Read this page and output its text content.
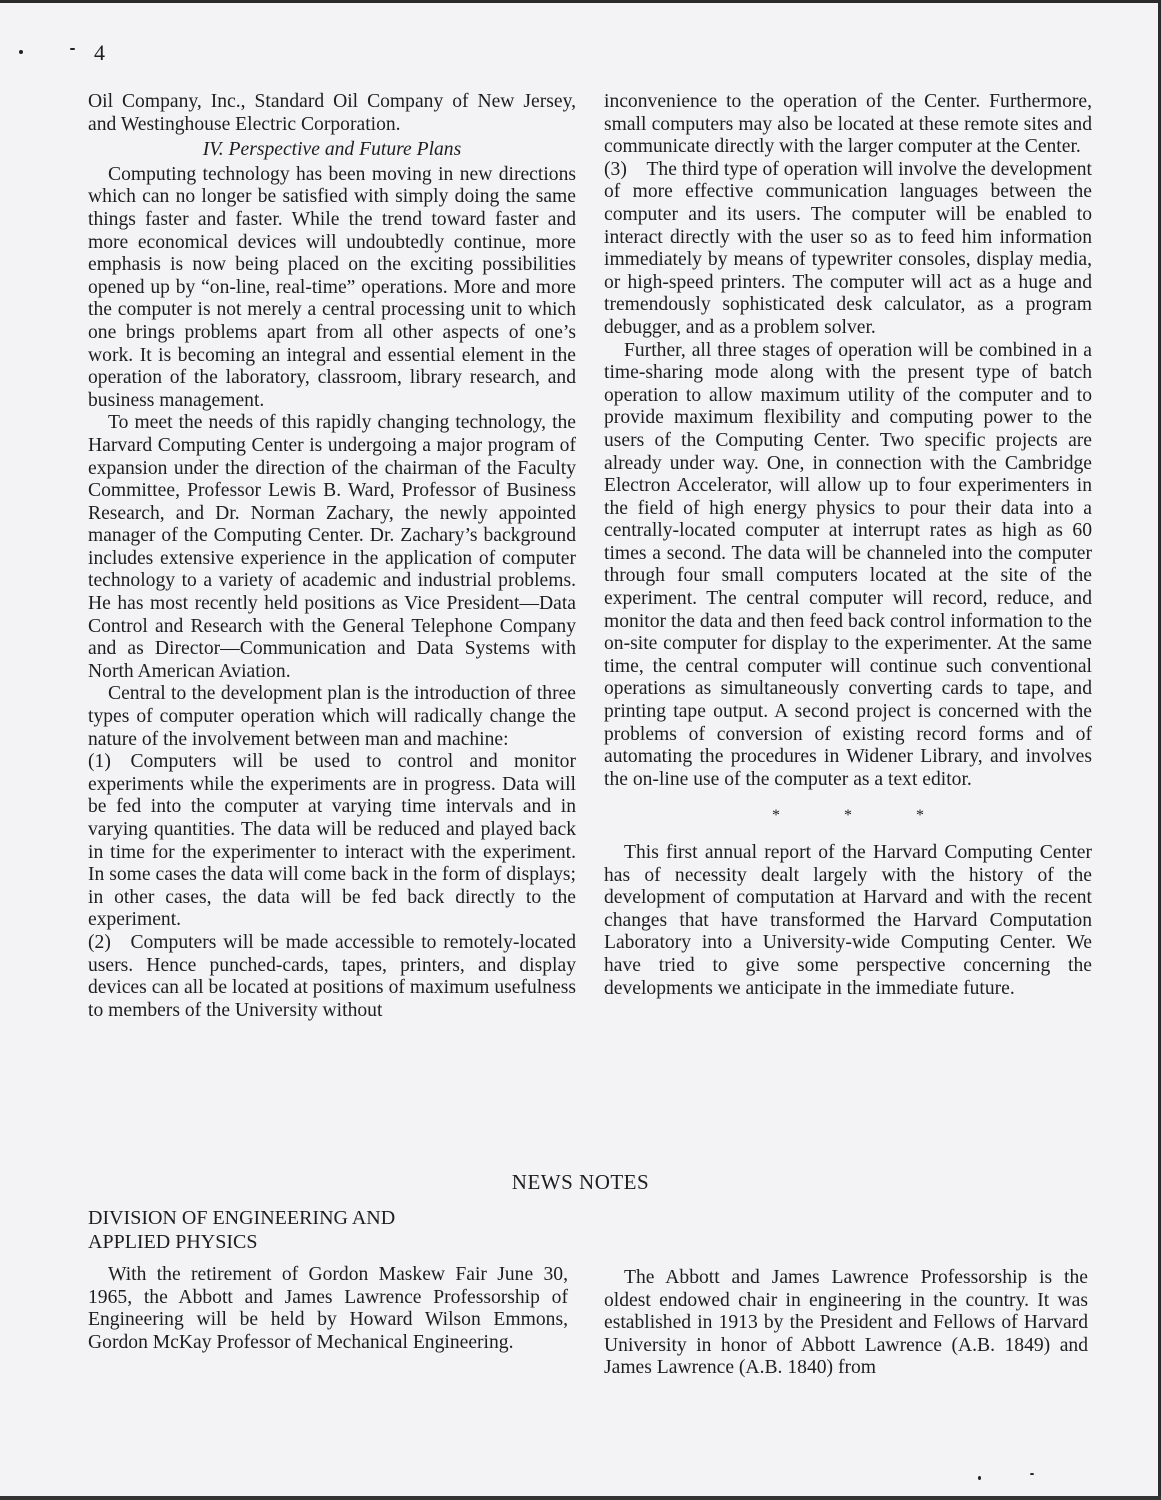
4

Oil Company, Inc., Standard Oil Company of New Jersey, and Westinghouse Electric Corporation.

IV. Perspective and Future Plans

Computing technology has been moving in new directions which can no longer be satisfied with simply doing the same things faster and faster. While the trend toward faster and more economical devices will undoubtedly continue, more emphasis is now being placed on the exciting possibilities opened up by “on-line, real-time” operations. More and more the computer is not merely a central processing unit to which one brings problems apart from all other aspects of one’s work. It is becoming an integral and essential element in the operation of the laboratory, classroom, library research, and business management.

To meet the needs of this rapidly changing technology, the Harvard Computing Center is undergoing a major program of expansion under the direction of the chairman of the Faculty Committee, Professor Lewis B. Ward, Professor of Business Research, and Dr. Norman Zachary, the newly appointed manager of the Computing Center. Dr. Zachary’s background includes extensive experience in the application of computer technology to a variety of academic and industrial problems. He has most recently held positions as Vice President—Data Control and Research with the General Telephone Company and as Director—Communication and Data Systems with North American Aviation.

Central to the development plan is the introduction of three types of computer operation which will radically change the nature of the involvement between man and machine:

(1) Computers will be used to control and monitor experiments while the experiments are in progress. Data will be fed into the computer at varying time intervals and in varying quantities. The data will be reduced and played back in time for the experimenter to interact with the experiment. In some cases the data will come back in the form of displays; in other cases, the data will be fed back directly to the experiment.

(2) Computers will be made accessible to remotely-located users. Hence punched-cards, tapes, printers, and display devices can all be located at positions of maximum usefulness to members of the University without

inconvenience to the operation of the Center. Furthermore, small computers may also be located at these remote sites and communicate directly with the larger computer at the Center.

(3) The third type of operation will involve the development of more effective communication languages between the computer and its users. The computer will be enabled to interact directly with the user so as to feed him information immediately by means of typewriter consoles, display media, or high-speed printers. The computer will act as a huge and tremendously sophisticated desk calculator, as a program debugger, and as a problem solver.

Further, all three stages of operation will be combined in a time-sharing mode along with the present type of batch operation to allow maximum utility of the computer and to provide maximum flexibility and computing power to the users of the Computing Center. Two specific projects are already under way. One, in connection with the Cambridge Electron Accelerator, will allow up to four experimenters in the field of high energy physics to pour their data into a centrally-located computer at interrupt rates as high as 60 times a second. The data will be channeled into the computer through four small computers located at the site of the experiment. The central computer will record, reduce, and monitor the data and then feed back control information to the on-site computer for display to the experimenter. At the same time, the central computer will continue such conventional operations as simultaneously converting cards to tape, and printing tape output. A second project is concerned with the problems of conversion of existing record forms and of automating the procedures in Widener Library, and involves the on-line use of the computer as a text editor.

* * *

This first annual report of the Harvard Computing Center has of necessity dealt largely with the history of the development of computation at Harvard and with the recent changes that have transformed the Harvard Computation Laboratory into a University-wide Computing Center. We have tried to give some perspective concerning the developments we anticipate in the immediate future.

NEWS NOTES
DIVISION OF ENGINEERING AND
APPLIED PHYSICS

With the retirement of Gordon Maskew Fair June 30, 1965, the Abbott and James Lawrence Professorship of Engineering will be held by Howard Wilson Emmons, Gordon McKay Professor of Mechanical Engineering.

The Abbott and James Lawrence Professorship is the oldest endowed chair in engineering in the country. It was established in 1913 by the President and Fellows of Harvard University in honor of Abbott Lawrence (A.B. 1849) and James Lawrence (A.B. 1840) from
